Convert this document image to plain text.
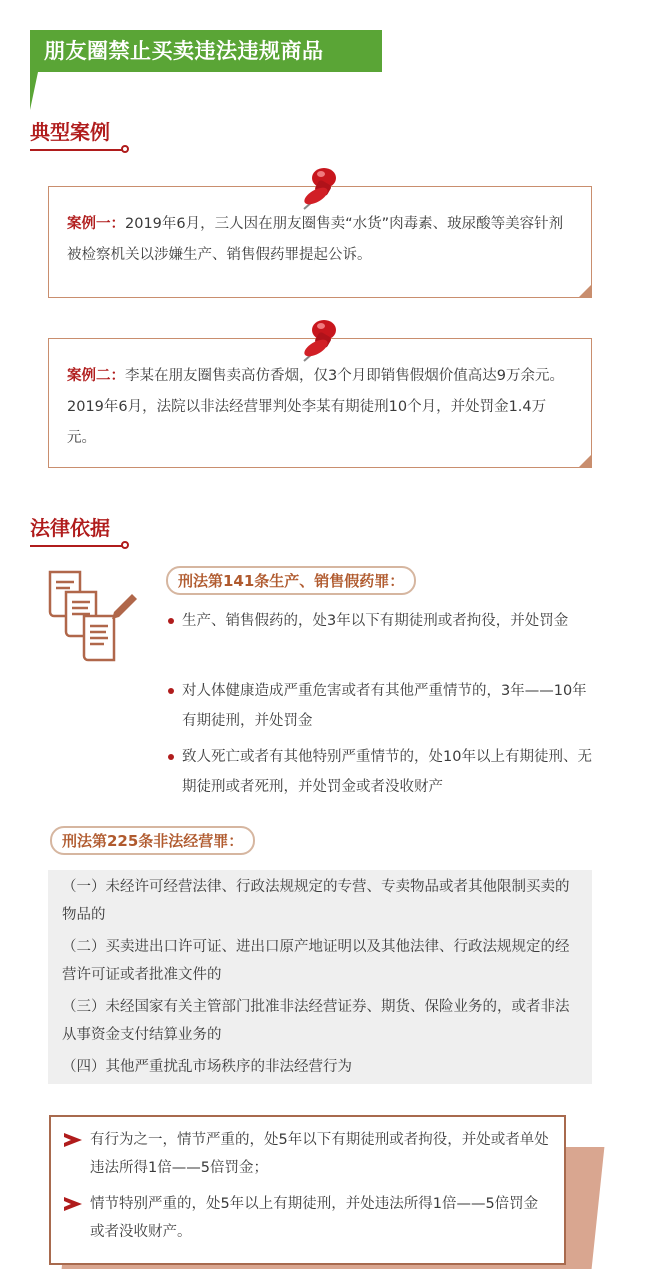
朋友圈禁止买卖违法违规商品
典型案例
案例一：2019年6月，三人因在朋友圈售卖“水货”肉毒素、玻尿酸等美容针剂被检察机关以涉嫌生产、销售假药罪提起公诉。
案例二：李某在朋友圈售卖高仿香烟，仅3个月即销售假烟价值高达9万余元。2019年6月，法院以非法经营罪判处李某有期徒刑10个月，并处罚金1.4万元。
法律依据
刑法第141条生产、销售假药罪：
生产、销售假药的，处3年以下有期徒刑或者拘役，并处罚金
对人体健康造成严重危害或者有其他严重情节的，3年——10年有期徒刑，并处罚金
致人死亡或者有其他特别严重情节的，处10年以上有期徒刑、无期徒刑或者死刑，并处罚金或者没收财产
刑法第225条非法经营罪：
（一）未经许可经营法律、行政法规规定的专营、专卖物品或者其他限制买卖的物品的
（二）买卖进出口许可证、进出口原产地证明以及其他法律、行政法规规定的经营许可证或者批准文件的
（三）未经国家有关主管部门批准非法经营证券、期货、保险业务的，或者非法从事资金支付结算业务的
（四）其他严重扰乱市场秩序的非法经营行为
有行为之一，情节严重的，处5年以下有期徒刑或者拘役，并处或者单处违法所得1倍——5倍罚金；
情节特别严重的，处5年以上有期徒刑，并处违法所得1倍——5倍罚金或者没收财产。
